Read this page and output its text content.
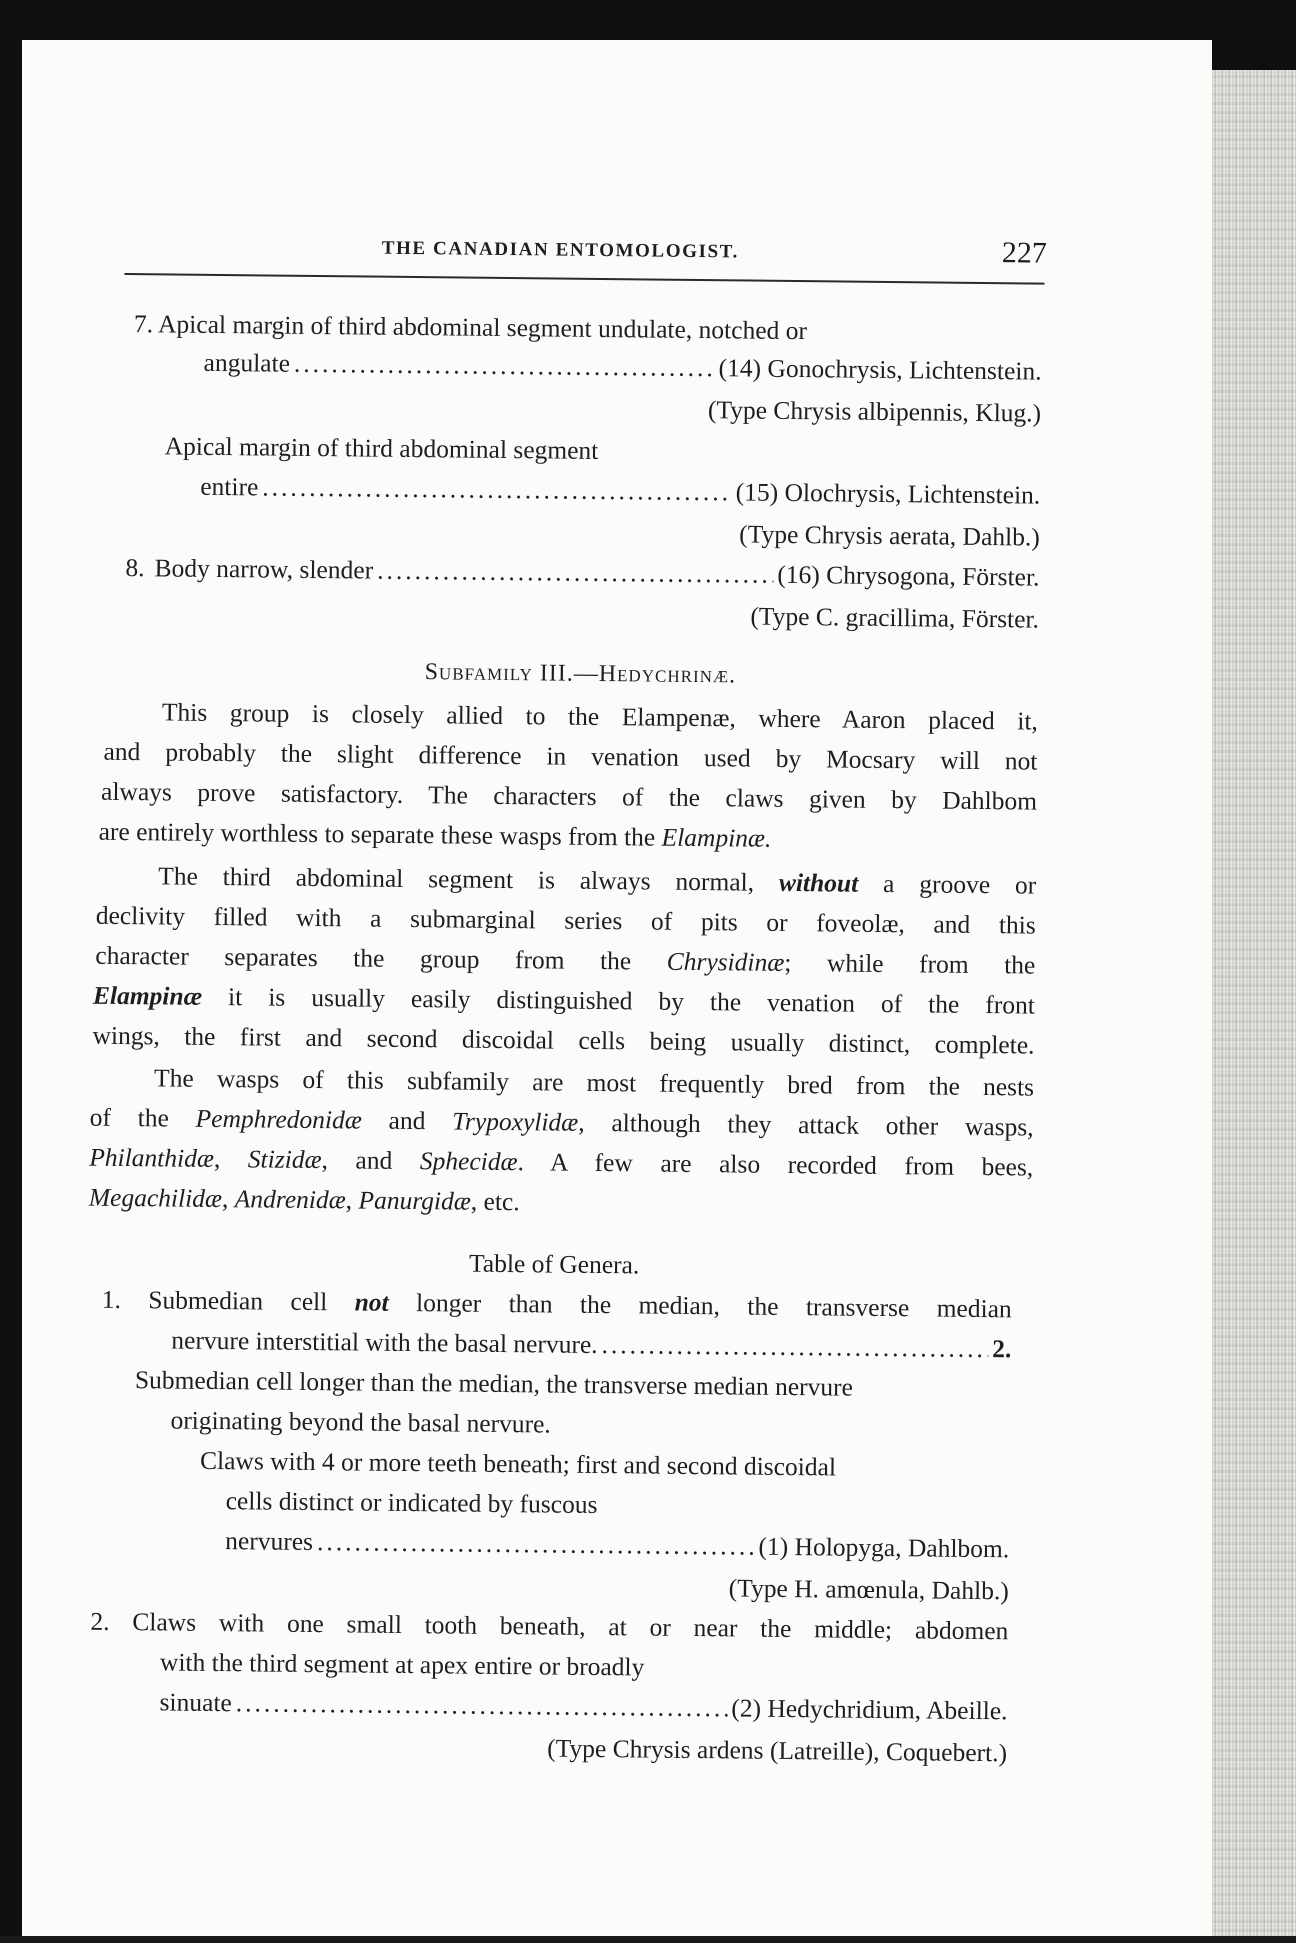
THE CANADIAN ENTOMOLOGIST.	227
7. Apical margin of third abdominal segment undulate, notched or
angulate .....	(14) Gonochrysis, Lichtenstein.
(Type Chrysis albipennis, Klug.)
Apical margin of third abdominal segment
entire .....	(15) Olochrysis, Lichtenstein.
(Type Chrysis aerata, Dahlb.)
8. Body narrow, slender .....	(16) Chrysogona, Förster.
(Type C. gracillima, Förster.
Subfamily III.—Hedychrinæ.
This group is closely allied to the Elampenæ, where Aaron placed it,
and probably the slight difference in venation used by Mocsary will not
always prove satisfactory. The characters of the claws given by Dahlbom
are entirely worthless to separate these wasps from the Elampinæ.
The third abdominal segment is always normal, without a groove or
declivity filled with a submarginal series of pits or foveolæ, and this
character separates the group from the Chrysidinæ; while from the
Elampinæ it is usually easily distinguished by the venation of the front
wings, the first and second discoidal cells being usually distinct, complete.
The wasps of this subfamily are most frequently bred from the nests
of the Pemphredonidæ and Trypoxylidæ, although they attack other wasps,
Philanthidæ, Stizidæ, and Sphecidæ. A few are also recorded from bees,
Megachilidæ, Andrenidæ, Panurgidæ, etc.
Table of Genera.
1. Submedian cell not longer than the median, the transverse median
nervure interstitial with the basal nervure. .....	2.
Submedian cell longer than the median, the transverse median nervure
originating beyond the basal nervure.
Claws with 4 or more teeth beneath; first and second discoidal
cells distinct or indicated by fuscous
nervures .....	(1) Holopyga, Dahlbom.
(Type H. amœnula, Dahlb.)
2. Claws with one small tooth beneath, at or near the middle; abdomen
with the third segment at apex entire or broadly
sinuate .....	(2) Hedychridium, Abeille.
(Type Chrysis ardens (Latreille), Coquebert.)
